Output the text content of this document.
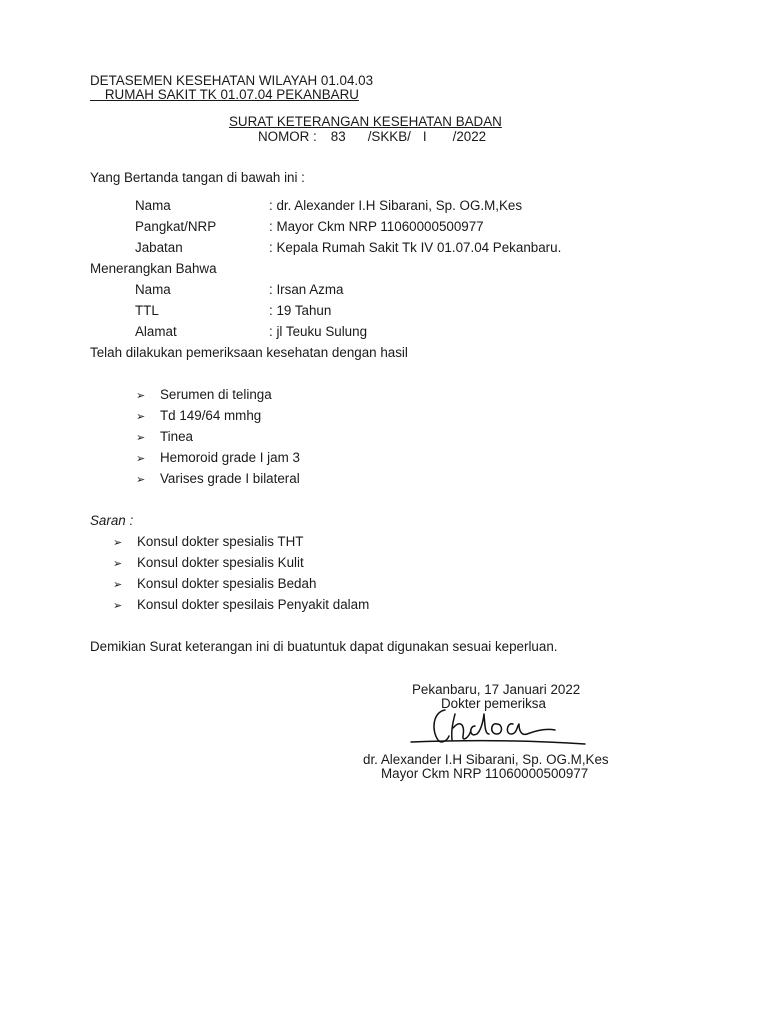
DETASEMEN KESEHATAN WILAYAH 01.04.03
RUMAH SAKIT TK 01.07.04 PEKANBARU
SURAT KETERANGAN KESEHATAN BADAN
NOMOR : 83 /SKKB/ I /2022
Yang Bertanda tangan di bawah ini :
Nama	: dr. Alexander I.H Sibarani, Sp. OG.M,Kes
Pangkat/NRP	: Mayor Ckm NRP 11060000500977
Jabatan	: Kepala Rumah Sakit Tk IV 01.07.04 Pekanbaru.
Menerangkan Bahwa
Nama	: Irsan Azma
TTL	: 19 Tahun
Alamat	: jl Teuku Sulung
Telah dilakukan pemeriksaan kesehatan dengan hasil
➢ Serumen di telinga
➢ Td 149/64 mmhg
➢ Tinea
➢ Hemoroid grade I jam 3
➢ Varises grade I bilateral
Saran :
➢ Konsul dokter spesialis THT
➢ Konsul dokter spesialis Kulit
➢ Konsul dokter spesialis Bedah
➢ Konsul dokter spesilais Penyakit dalam
Demikian Surat keterangan ini di buatuntuk dapat digunakan sesuai keperluan.
Pekanbaru, 17 Januari 2022
Dokter pemeriksa
dr. Alexander I.H Sibarani, Sp. OG.M,Kes
Mayor Ckm NRP 11060000500977
